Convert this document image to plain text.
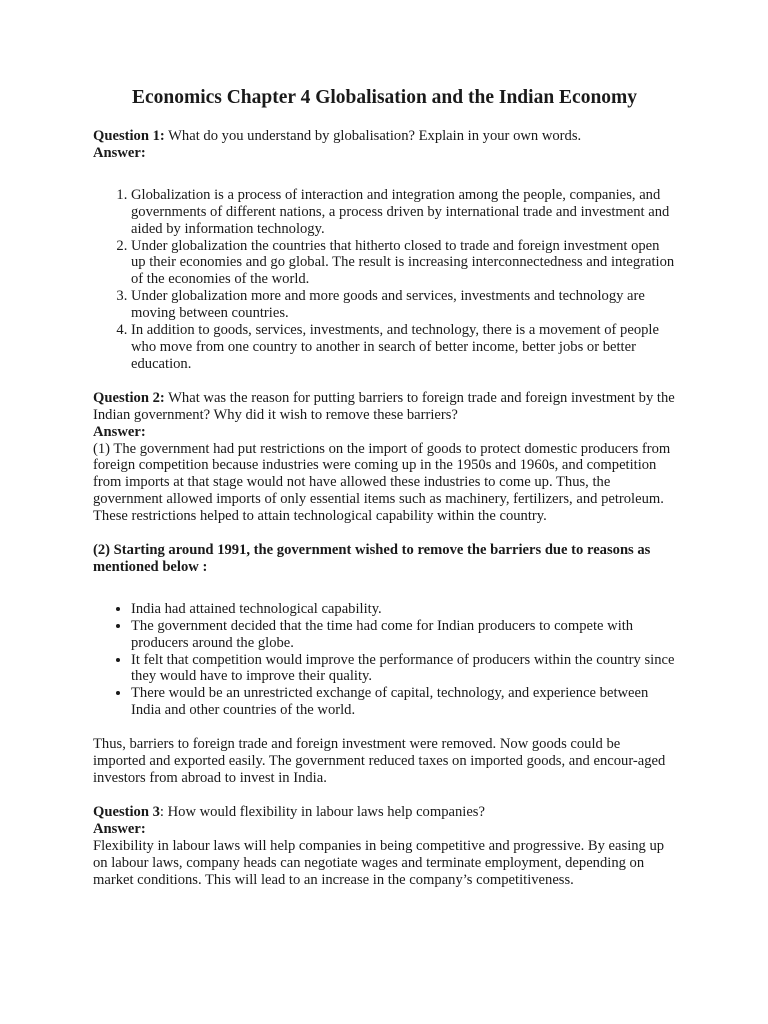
Economics Chapter 4 Globalisation and the Indian Economy

Question 1: What do you understand by globalisation? Explain in your own words.

Answer:

1. Globalization is a process of interaction and integration among the people, companies, and governments of different nations, a process driven by international trade and investment and aided by information technology.
2. Under globalization the countries that hitherto closed to trade and foreign investment open up their economies and go global. The result is increasing interconnectedness and integration of the economies of the world.
3. Under globalization more and more goods and services, investments and technology are moving between countries.
4. In addition to goods, services, investments, and technology, there is a movement of people who move from one country to another in search of better income, better jobs or better education.

Question 2: What was the reason for putting barriers to foreign trade and foreign investment by the Indian government? Why did it wish to remove these barriers?

Answer:

(1) The government had put restrictions on the import of goods to protect domestic producers from foreign competition because industries were coming up in the 1950s and 1960s, and competition from imports at that stage would not have allowed these industries to come up. Thus, the government allowed imports of only essential items such as machinery, fertilizers, and petroleum. These restrictions helped to attain technological capability within the country.

(2) Starting around 1991, the government wished to remove the barriers due to reasons as mentioned below :

• India had attained technological capability.
• The government decided that the time had come for Indian producers to compete with producers around the globe.
• It felt that competition would improve the performance of producers within the country since they would have to improve their quality.
• There would be an unrestricted exchange of capital, technology, and experience between India and other countries of the world.

Thus, barriers to foreign trade and foreign investment were removed. Now goods could be imported and exported easily. The government reduced taxes on imported goods, and encour-aged investors from abroad to invest in India.

Question 3: How would flexibility in labour laws help companies?

Answer:

Flexibility in labour laws will help companies in being competitive and progressive. By easing up on labour laws, company heads can negotiate wages and terminate employment, depending on market conditions. This will lead to an increase in the company’s competitiveness.
